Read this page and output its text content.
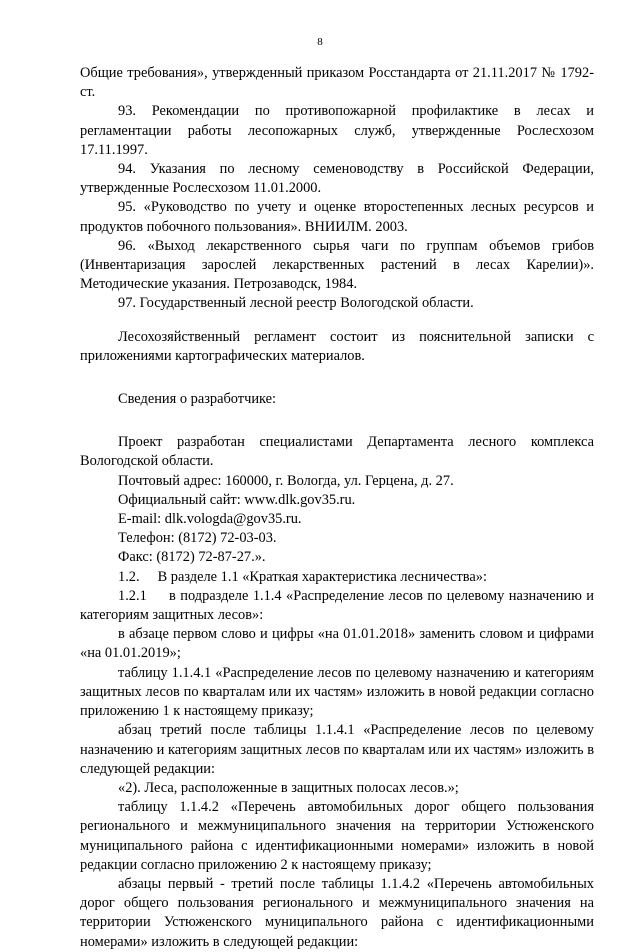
8

Общие требования», утвержденный приказом Росстандарта от 21.11.2017 № 1792-ст.

93. Рекомендации по противопожарной профилактике в лесах и регламентации работы лесопожарных служб, утвержденные Рослесхозом 17.11.1997.

94. Указания по лесному семеноводству в Российской Федерации, утвержденные Рослесхозом 11.01.2000.

95. «Руководство по учету и оценке второстепенных лесных ресурсов и продуктов побочного пользования». ВНИИЛМ. 2003.

96. «Выход лекарственного сырья чаги по группам объемов грибов (Инвентаризация зарослей лекарственных растений в лесах Карелии)». Методические указания. Петрозаводск, 1984.

97. Государственный лесной реестр Вологодской области.

Лесохозяйственный регламент состоит из пояснительной записки с приложениями картографических материалов.

Сведения о разработчике:

Проект разработан специалистами Департамента лесного комплекса Вологодской области.

Почтовый адрес: 160000, г. Вологда, ул. Герцена, д. 27.

Официальный сайт: www.dlk.gov35.ru.

E-mail: dlk.vologda@gov35.ru.

Телефон: (8172) 72-03-03.

Факс: (8172) 72-87-27.».

1.2.     В разделе 1.1 «Краткая характеристика лесничества»:

1.2.1     в подразделе 1.1.4 «Распределение лесов по целевому назначению и категориям защитных лесов»:

в абзаце первом слово и цифры «на 01.01.2018» заменить словом и цифрами «на 01.01.2019»;

таблицу 1.1.4.1 «Распределение лесов по целевому назначению и категориям защитных лесов по кварталам или их частям» изложить в новой редакции согласно приложению 1 к настоящему приказу;

абзац третий после таблицы 1.1.4.1 «Распределение лесов по целевому назначению и категориям защитных лесов по кварталам или их частям» изложить в следующей редакции:

«2). Леса, расположенные в защитных полосах лесов.»;

таблицу 1.1.4.2 «Перечень автомобильных дорог общего пользования регионального и межмуниципального значения на территории Устюженского муниципального района с идентификационными номерами» изложить в новой редакции согласно приложению 2 к настоящему приказу;

абзацы первый - третий после таблицы 1.1.4.2 «Перечень автомобильных дорог общего пользования регионального и межмуниципального значения на территории Устюженского муниципального района с идентификационными номерами» изложить в следующей редакции:
